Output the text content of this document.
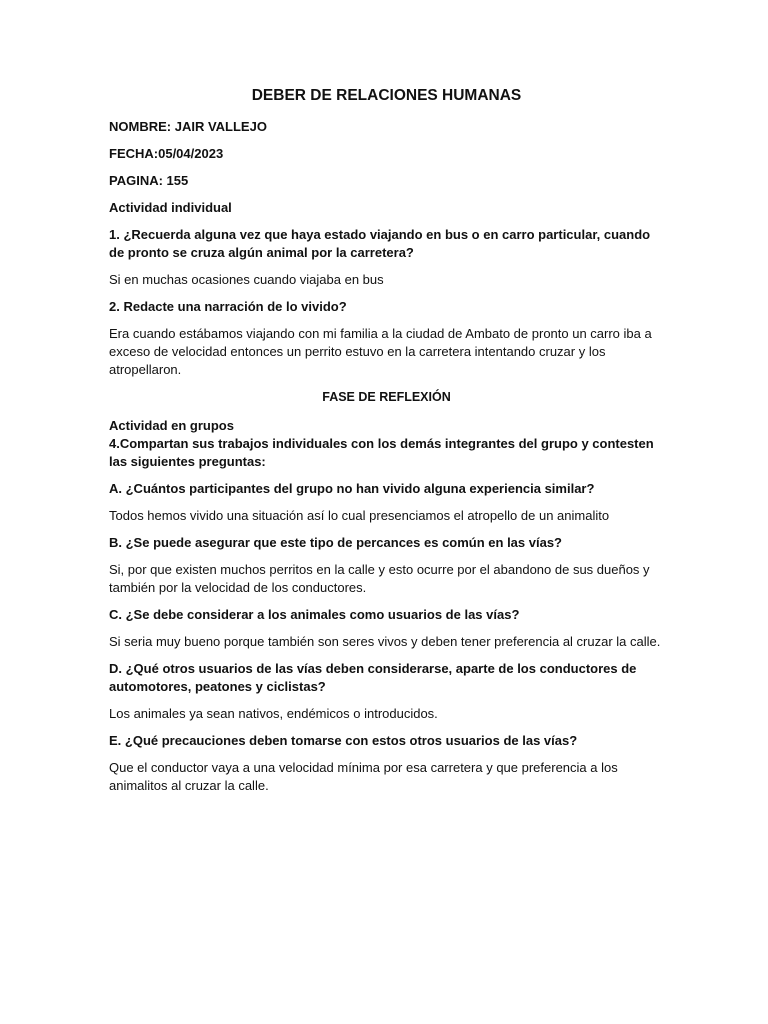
DEBER DE RELACIONES HUMANAS
NOMBRE: JAIR VALLEJO
FECHA:05/04/2023
PAGINA: 155
Actividad individual
1. ¿Recuerda alguna vez que haya estado viajando en bus o en carro particular, cuando de pronto se cruza algún animal por la carretera?
Si en muchas ocasiones cuando viajaba en bus
2. Redacte una narración de lo vivido?
Era cuando estábamos viajando con mi familia a la ciudad de Ambato de pronto un carro iba a exceso de velocidad entonces un perrito estuvo en la carretera intentando cruzar y los atropellaron.
FASE DE REFLEXIÓN
Actividad en grupos
4.Compartan sus trabajos individuales con los demás integrantes del grupo y contesten las siguientes preguntas:
A. ¿Cuántos participantes del grupo no han vivido alguna experiencia similar?
Todos hemos vivido una situación así lo cual presenciamos el atropello de un animalito
B. ¿Se puede asegurar que este tipo de percances es común en las vías?
Si, por que existen muchos perritos en la calle y esto ocurre por el abandono de sus dueños y también por la velocidad de los conductores.
C. ¿Se debe considerar a los animales como usuarios de las vías?
Si seria muy bueno porque también son seres vivos y deben tener preferencia al cruzar la calle.
D. ¿Qué otros usuarios de las vías deben considerarse, aparte de los conductores de automotores, peatones y ciclistas?
Los animales ya sean nativos, endémicos o introducidos.
E. ¿Qué precauciones deben tomarse con estos otros usuarios de las vías?
Que el conductor vaya a una velocidad mínima por esa carretera y que preferencia a los animalitos al cruzar la calle.
